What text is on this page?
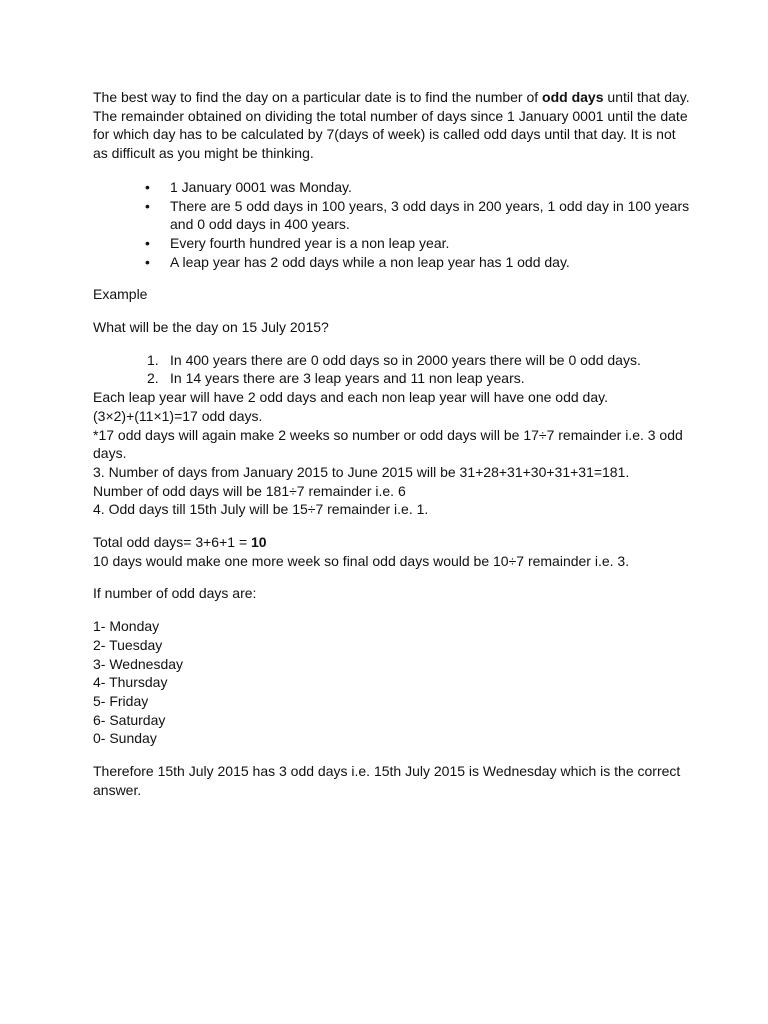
The best way to find the day on a particular date is to find the number of odd days until that day. The remainder obtained on dividing the total number of days since 1 January 0001 until the date for which day has to be calculated by 7(days of week) is called odd days until that day. It is not as difficult as you might be thinking.

• 1 January 0001 was Monday.
• There are 5 odd days in 100 years, 3 odd days in 200 years, 1 odd day in 100 years and 0 odd days in 400 years.
• Every fourth hundred year is a non leap year.
• A leap year has 2 odd days while a non leap year has 1 odd day.

Example

What will be the day on 15 July 2015?

1. In 400 years there are 0 odd days so in 2000 years there will be 0 odd days.
2. In 14 years there are 3 leap years and 11 non leap years.

Each leap year will have 2 odd days and each non leap year will have one odd day.

(3×2)+(11×1)=17 odd days.

*17 odd days will again make 2 weeks so number or odd days will be 17÷7 remainder i.e. 3 odd days.

3. Number of days from January 2015 to June 2015 will be 31+28+31+30+31+31=181.

Number of odd days will be 181÷7 remainder i.e. 6

4. Odd days till 15th July will be 15÷7 remainder i.e. 1.

Total odd days= 3+6+1 = 10

10 days would make one more week so final odd days would be 10÷7 remainder i.e. 3.

If number of odd days are:

1- Monday

2- Tuesday

3- Wednesday

4- Thursday

5- Friday

6- Saturday

0- Sunday

Therefore 15th July 2015 has 3 odd days i.e. 15th July 2015 is Wednesday which is the correct answer.
